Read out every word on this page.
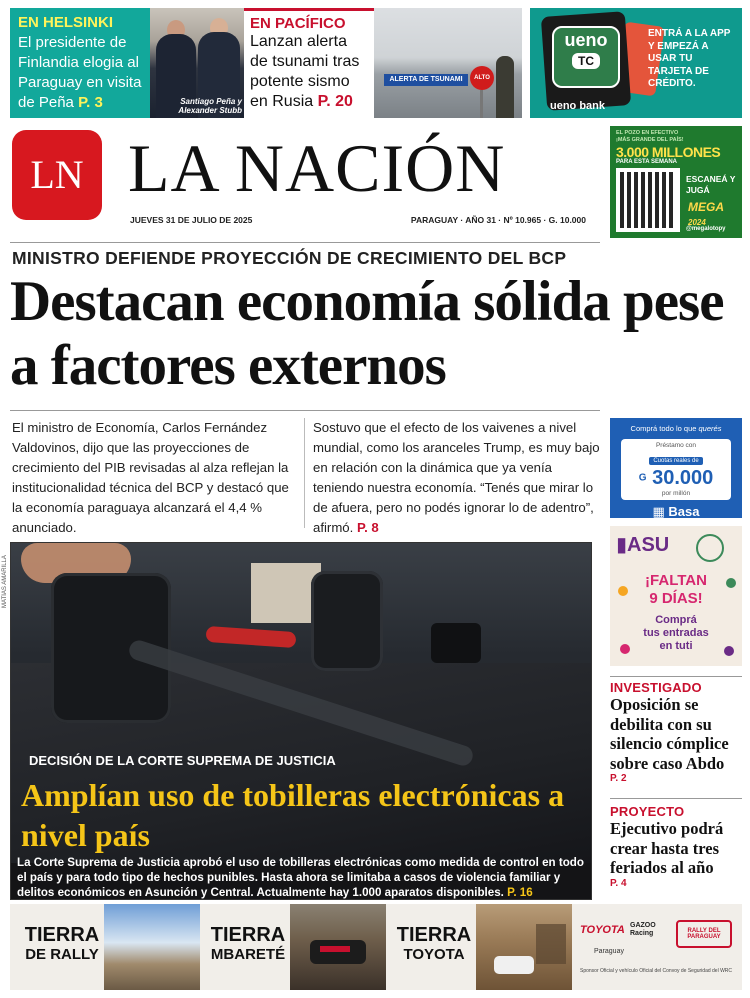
EN HELSINKI
El presidente de Finlandia elogia al Paraguay en visita de Peña P. 3	Santiago Peña y
Alexander Stubb
EN PACÍFICO
Lanzan alerta de tsunami tras potente sismo en Rusia P. 20
ALERTA DE TSUNAMI	ALTO
ueno
TC
ueno bank
ENTRÁ A LA APP Y EMPEZÁ A USAR TU TARJETA DE CRÉDITO.
LN LA NACIÓN
JUEVES 31 DE JULIO DE 2025	PARAGUAY · AÑO 31 · Nº 10.965 · G. 10.000
EL POZO EN EFECTIVO
¡MÁS GRANDE DEL PAÍS!
3.000 MILLONES
PARA ESTA SEMANA
ESCANEÁ Y JUGÁ
MEGA 2024
@megalotopy
MINISTRO DEFIENDE PROYECCIÓN DE CRECIMIENTO DEL BCP
Destacan economía sólida pese a factores externos
El ministro de Economía, Carlos Fernández Valdovinos, dijo que las proyecciones de crecimiento del PIB revisadas al alza reflejan la institucionalidad técnica del BCP y destacó que la economía paraguaya alcanzará el 4,4 % anunciado.
Sostuvo que el efecto de los vaivenes a nivel mundial, como los aranceles Trump, es muy bajo en relación con la dinámica que ya venía teniendo nuestra economía. “Tenés que mirar lo de afuera, pero no podés ignorar lo de adentro”, afirmó. P. 8
Comprá todo lo que querés
Préstamo con
Cuotas reales de
G 30.000
por millón
▦ Basa
MATÍAS AMARILLA
DECISIÓN DE LA CORTE SUPREMA DE JUSTICIA
Amplían uso de tobilleras electrónicas a nivel país
La Corte Suprema de Justicia aprobó el uso de tobilleras electrónicas como medida de control en todo el país y para todo tipo de hechos punibles. Hasta ahora se limitaba a casos de violencia familiar y delitos económicos en Asunción y Central. Actualmente hay 1.000 aparatos disponibles. P. 16
▮ASU
¡FALTAN
9 DÍAS!
Comprá
tus entradas
en tuti
INVESTIGADO
Oposición se debilita con su silencio cómplice sobre caso Abdo
P. 2
PROYECTO
Ejecutivo podrá crear hasta tres feriados al año
P. 4
TIERRA
DE RALLY
TIERRA
MBARETÉ
TIERRA
TOYOTA
TOYOTA GAZOO
Racing	RALLY DEL PARAGUAY
Paraguay
Sponsor Oficial y vehículo Oficial del Convoy de Seguridad del WRC
